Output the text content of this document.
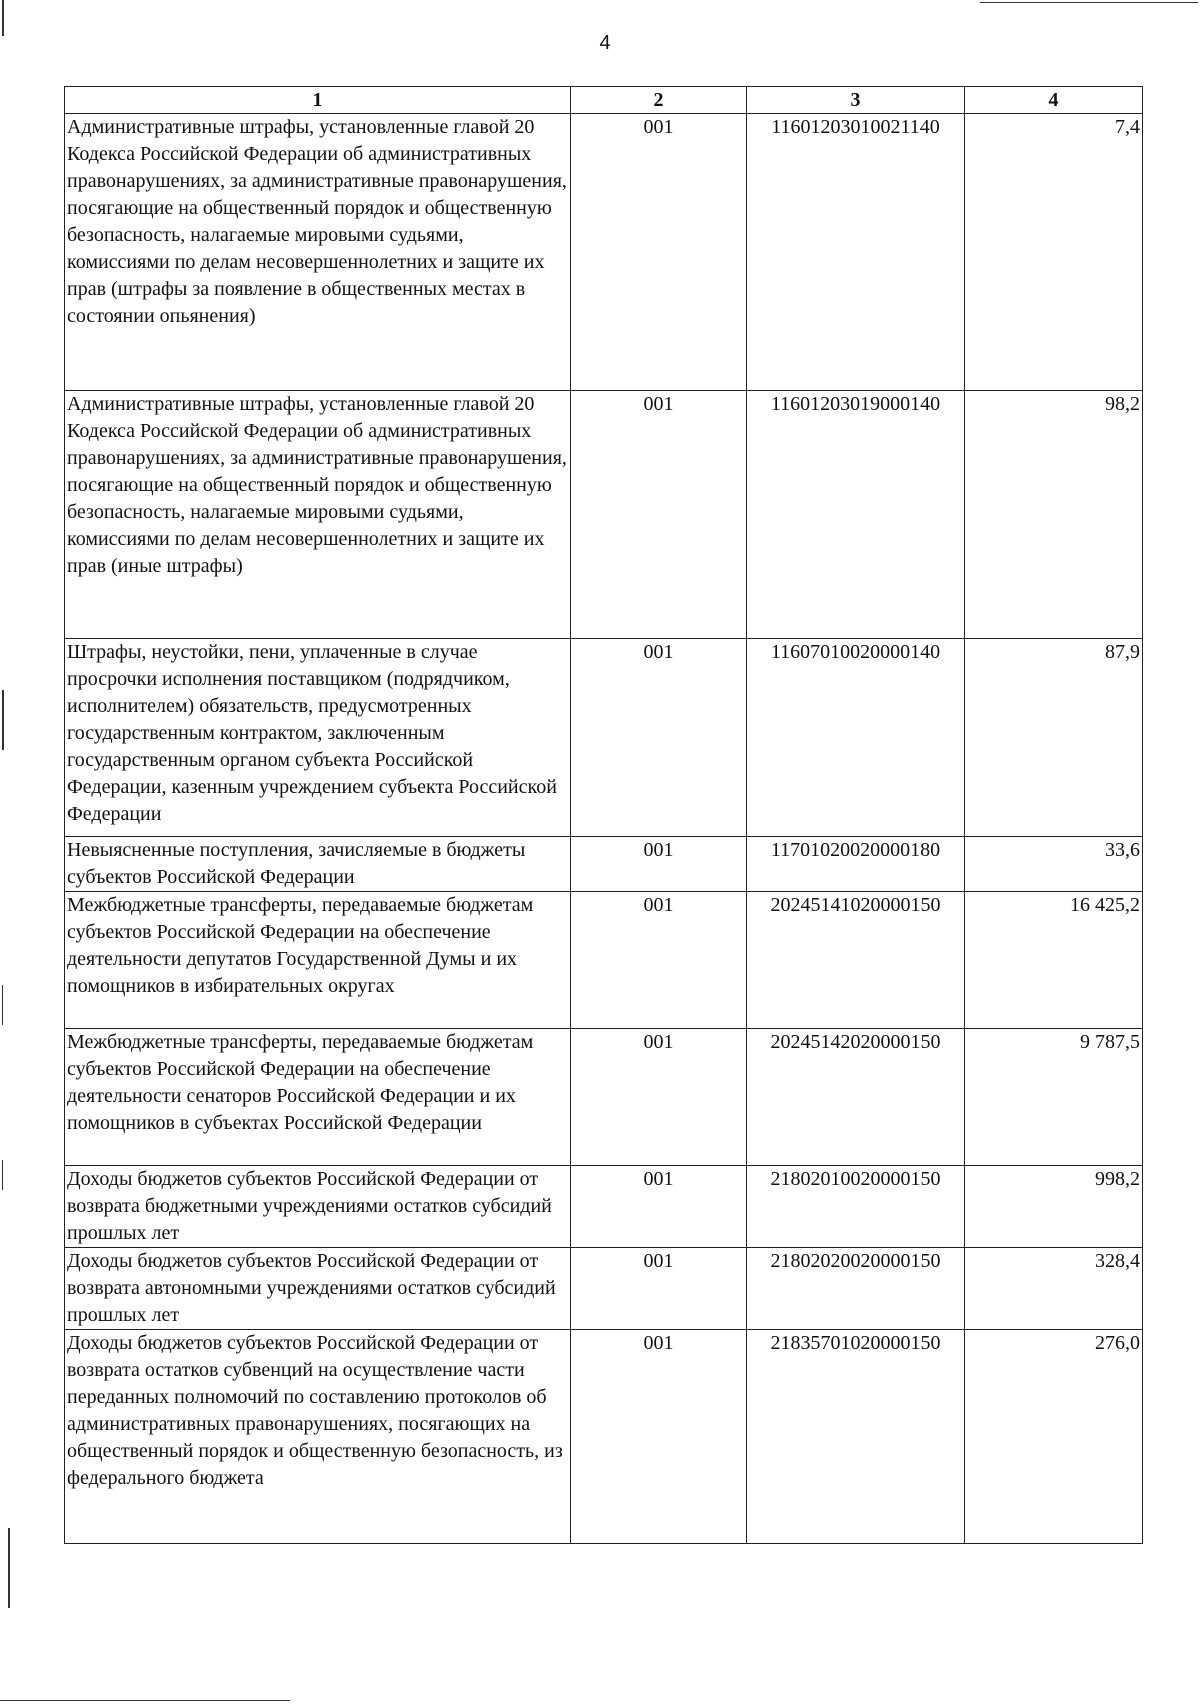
4
1	2	3	4
Административные штрафы, установленные главой 20 Кодекса Российской Федерации об административных правонарушениях, за административные правонарушения, посягающие на общественный порядок и общественную безопасность, налагаемые мировыми судьями, комиссиями по делам несовершеннолетних и защите их прав (штрафы за появление в общественных местах в состоянии опьянения)	001	11601203010021140	7,4
Административные штрафы, установленные главой 20 Кодекса Российской Федерации об административных правонарушениях, за административные правонарушения, посягающие на общественный порядок и общественную безопасность, налагаемые мировыми судьями, комиссиями по делам несовершеннолетних и защите их прав (иные штрафы)	001	11601203019000140	98,2
Штрафы, неустойки, пени, уплаченные в случае просрочки исполнения поставщиком (подрядчиком, исполнителем) обязательств, предусмотренных государственным контрактом, заключенным государственным органом субъекта Российской Федерации, казенным учреждением субъекта Российской Федерации	001	11607010020000140	87,9
Невыясненные поступления, зачисляемые в бюджеты субъектов Российской Федерации	001	11701020020000180	33,6
Межбюджетные трансферты, передаваемые бюджетам субъектов Российской Федерации на обеспечение деятельности депутатов Государственной Думы и их помощников в избирательных округах	001	20245141020000150	16 425,2
Межбюджетные трансферты, передаваемые бюджетам субъектов Российской Федерации на обеспечение деятельности сенаторов Российской Федерации и их помощников в субъектах Российской Федерации	001	20245142020000150	9 787,5
Доходы бюджетов субъектов Российской Федерации от возврата бюджетными учреждениями остатков субсидий прошлых лет	001	21802010020000150	998,2
Доходы бюджетов субъектов Российской Федерации от возврата автономными учреждениями остатков субсидий прошлых лет	001	21802020020000150	328,4
Доходы бюджетов субъектов Российской Федерации от возврата остатков субвенций на осуществление части переданных полномочий по составлению протоколов об административных правонарушениях, посягающих на общественный порядок и общественную безопасность, из федерального бюджета	001	21835701020000150	276,0
